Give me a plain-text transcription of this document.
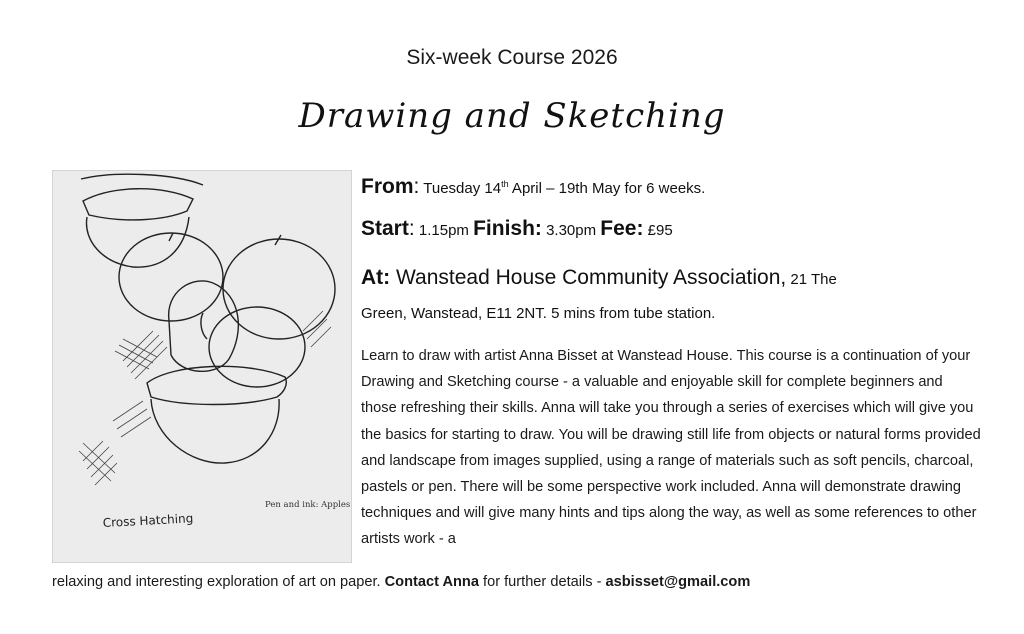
Six-week Course 2026
Drawing and Sketching
Pen and ink: Apples
Cross Hatching
From: Tuesday 14th April – 19th May for 6 weeks.
Start: 1.15pm Finish: 3.30pm Fee: £95
At: Wanstead House Community Association, 21 The
Green, Wanstead, E11 2NT. 5 mins from tube station.
Learn to draw with artist Anna Bisset at Wanstead House. This course is a continuation of your Drawing and Sketching course - a valuable and enjoyable skill for complete beginners and those refreshing their skills. Anna will take you through a series of exercises which will give you the basics for starting to draw. You will be drawing still life from objects or natural forms provided and landscape from images supplied, using a range of materials such as soft pencils, charcoal, pastels or pen. There will be some perspective work included. Anna will demonstrate drawing techniques and will give many hints and tips along the way, as well as some references to other artists work - a
relaxing and interesting exploration of art on paper. Contact Anna for further details - asbisset@gmail.com
